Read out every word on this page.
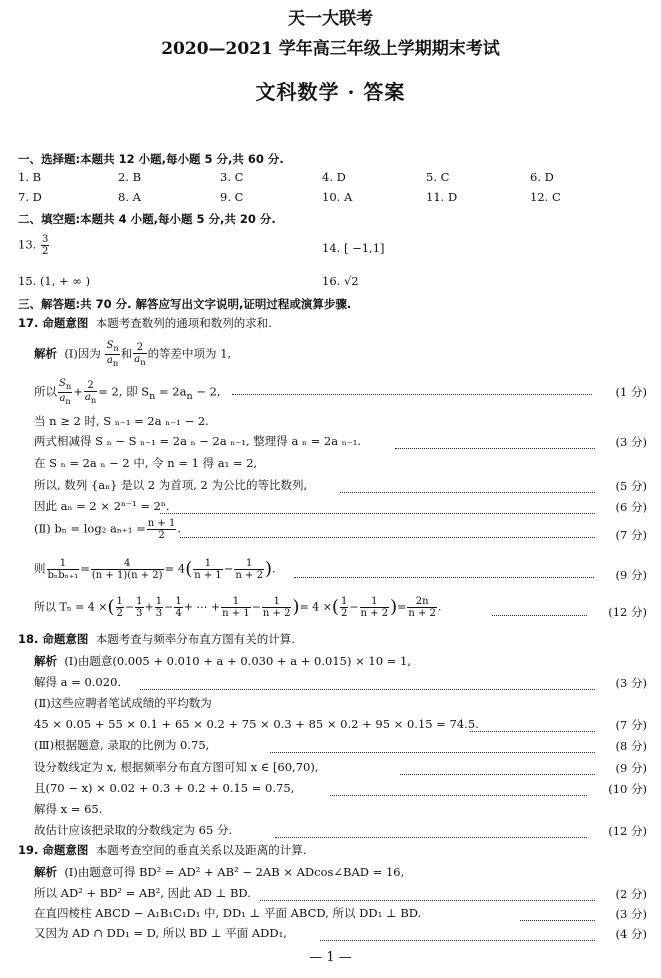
天一大联考
2020—2021 学年高三年级上学期期末考试
文科数学 · 答案
一、选择题:本题共 12 小题,每小题 5 分,共 60 分.
1. B	2. B	3. C	4. D	5. C	6. D
7. D	8. A	9. C	10. A	11. D	12. C
二、填空题:本题共 4 小题,每小题 5 分,共 20 分.
13. $\frac{3}{2}$	14. [ −1,1]
15. (1, + ∞ )	16. √2
三、解答题:共 70 分. 解答应写出文字说明,证明过程或演算步骤.
17. 命题意图 本题考查数列的通项和数列的求和.
解析 (Ⅰ)因为 $\frac{S_n}{a_n}$ 和 $\frac{2}{a_n}$ 的等差中项为 1,
所以 $\frac{S_n}{a_n} + \frac{2}{a_n} = 2$, 即 $S_n = 2a_n - 2$,	(1 分)
当 n ≥ 2 时, S ₙ₋₁ = 2a ₙ₋₁ − 2.
两式相减得 S ₙ − S ₙ₋₁ = 2a ₙ − 2a ₙ₋₁, 整理得 a ₙ = 2a ₙ₋₁.	(3 分)
在 S ₙ = 2a ₙ − 2 中, 令 n = 1 得 a₁ = 2,
所以, 数列 {aₙ} 是以 2 为首项, 2 为公比的等比数列,	(5 分)
因此 aₙ = 2 × 2ⁿ⁻¹ = 2ⁿ.	(6 分)
(Ⅱ) bₙ = log₂ $a_{n+1} = \frac{n + 1}{2}$ .	(7 分)
则 $\frac{1}{\text{bₙbₙ₊₁}} = \frac{4}{(n + 1)(n + 2)} = 4( \frac{1}{n + 1} - \frac{1}{n + 2}$ ).	(9 分)
所以 Tₙ = 4 ×( $\frac{1}{2} - \frac{1}{3} + \frac{1}{3} - \frac{1}{4}$ + ⋯ + $\frac{1}{n + 1} - \frac{1}{n + 2}$ )= 4 ×( $\frac{1}{2} - \frac{1}{n + 2}$ )= $\frac{2n}{n + 2}$ .	(12 分)
18. 命题意图 本题考查与频率分布直方图有关的计算.
解析 (Ⅰ)由题意(0.005 + 0.010 + a + 0.030 + a + 0.015) × 10 = 1,
解得 a = 0.020.	(3 分)
(Ⅱ)这些应聘者笔试成绩的平均数为
45 × 0.05 + 55 × 0.1 + 65 × 0.2 + 75 × 0.3 + 85 × 0.2 + 95 × 0.15 = 74.5.	(7 分)
(Ⅲ)根据题意, 录取的比例为 0.75,	(8 分)
设分数线定为 x, 根据频率分布直方图可知 x ∈ [60,70),	(9 分)
且(70 − x) × 0.02 + 0.3 + 0.2 + 0.15 = 0.75,	(10 分)
解得 x = 65.
故估计应该把录取的分数线定为 65 分.	(12 分)
19. 命题意图 本题考查空间的垂直关系以及距离的计算.
解析 (Ⅰ)由题意可得 BD² = AD² + AB² − 2AB × ADcos∠BAD = 16,
所以 AD² + BD² = AB², 因此 AD ⊥ BD.	(2 分)
在直四棱柱 ABCD − A₁B₁C₁D₁ 中, DD₁ ⊥ 平面 ABCD, 所以 DD₁ ⊥ BD.	(3 分)
又因为 AD ∩ DD₁ = D, 所以 BD ⊥ 平面 ADD₁,	(4 分)
— 1 —
